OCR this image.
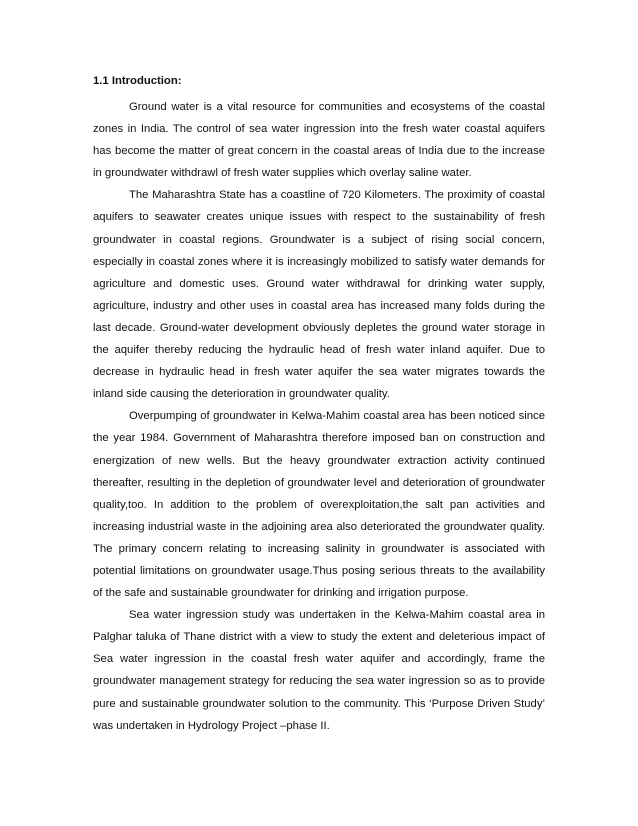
1.1 Introduction:

Ground water is a vital resource for communities and ecosystems of the coastal zones in India. The control of sea water ingression into the fresh water coastal aquifers has become the matter of great concern in the coastal areas of India due to the increase in groundwater withdrawl of fresh water supplies which overlay saline water.

The Maharashtra State has a coastline of 720 Kilometers. The proximity of coastal aquifers to seawater creates unique issues with respect to the sustainability of fresh groundwater in coastal regions. Groundwater is a subject of rising social concern, especially in coastal zones where it is increasingly mobilized to satisfy water demands for agriculture and domestic uses. Ground water withdrawal for drinking water supply, agriculture, industry and other uses in coastal area has increased many folds during the last decade. Ground-water development obviously depletes the ground water storage in the aquifer thereby reducing the hydraulic head of fresh water inland aquifer. Due to decrease in hydraulic head in fresh water aquifer the sea water migrates towards the inland side causing the deterioration in groundwater quality.

Overpumping of groundwater in Kelwa-Mahim coastal area has been noticed since the year 1984. Government of Maharashtra therefore imposed ban on construction and energization of new wells. But the heavy groundwater extraction activity continued thereafter, resulting in the depletion of groundwater level and deterioration of groundwater quality,too. In addition to the problem of overexploitation,the salt pan activities and increasing industrial waste in the adjoining area also deteriorated the groundwater quality. The primary concern relating to increasing salinity in groundwater is associated with potential limitations on groundwater usage.Thus posing serious threats to the availability of the safe and sustainable groundwater for drinking and irrigation purpose.

Sea water ingression study was undertaken in the Kelwa-Mahim coastal area in Palghar taluka of Thane district with a view to study the extent and deleterious impact of Sea water ingression in the coastal fresh water aquifer and accordingly, frame the groundwater management strategy for reducing the sea water ingression so as to provide pure and sustainable groundwater solution to the community. This ‘Purpose Driven Study’ was undertaken in Hydrology Project –phase II.
